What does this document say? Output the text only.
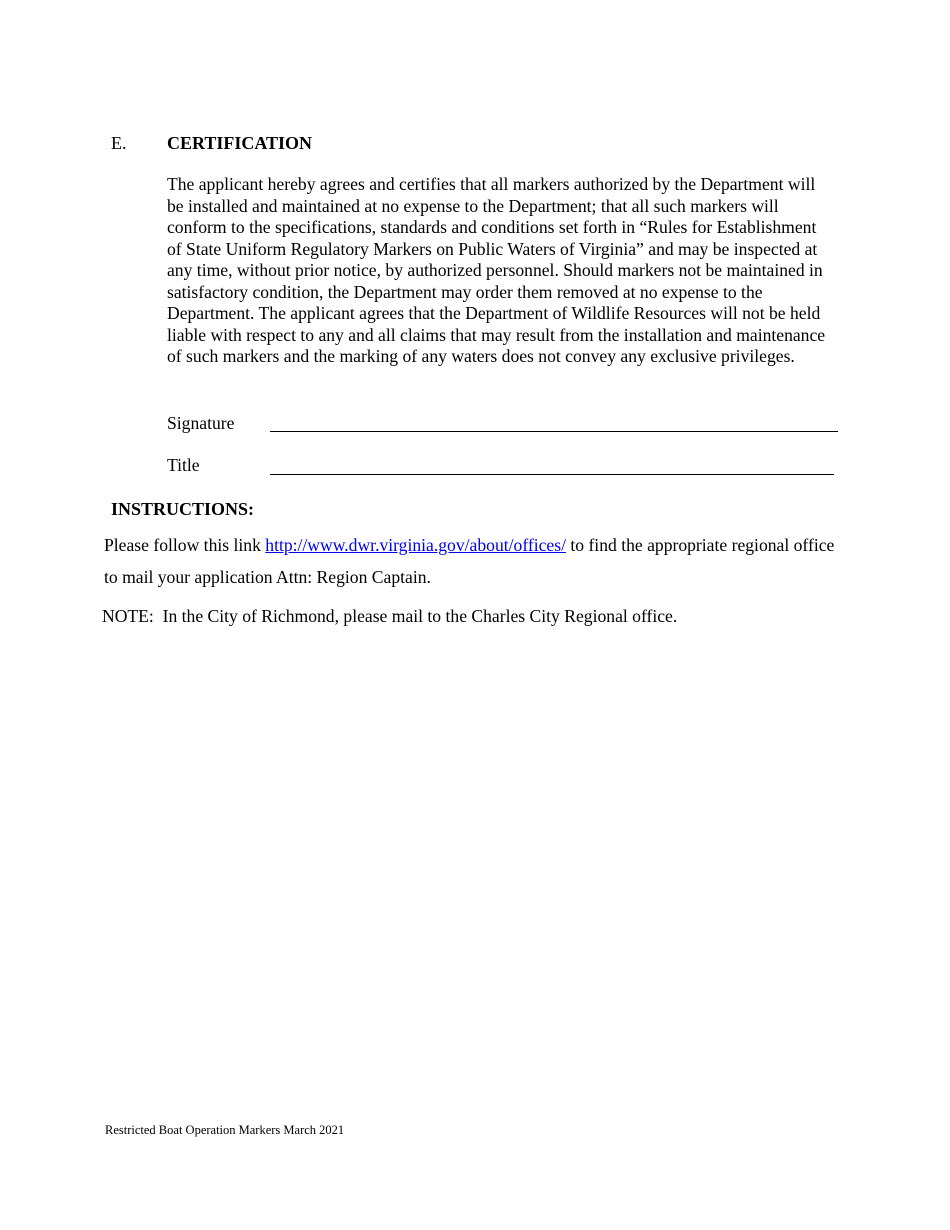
E. CERTIFICATION

The applicant hereby agrees and certifies that all markers authorized by the Department will be installed and maintained at no expense to the Department; that all such markers will conform to the specifications, standards and conditions set forth in “Rules for Establishment of State Uniform Regulatory Markers on Public Waters of Virginia” and may be inspected at any time, without prior notice, by authorized personnel. Should markers not be maintained in satisfactory condition, the Department may order them removed at no expense to the Department. The applicant agrees that the Department of Wildlife Resources will not be held liable with respect to any and all claims that may result from the installation and maintenance of such markers and the marking of any waters does not convey any exclusive privileges.

Signature
Title
INSTRUCTIONS:

Please follow this link http://www.dwr.virginia.gov/about/offices/ to find the appropriate regional office to mail your application Attn: Region Captain.

NOTE:  In the City of Richmond, please mail to the Charles City Regional office.
Restricted Boat Operation Markers March 2021
